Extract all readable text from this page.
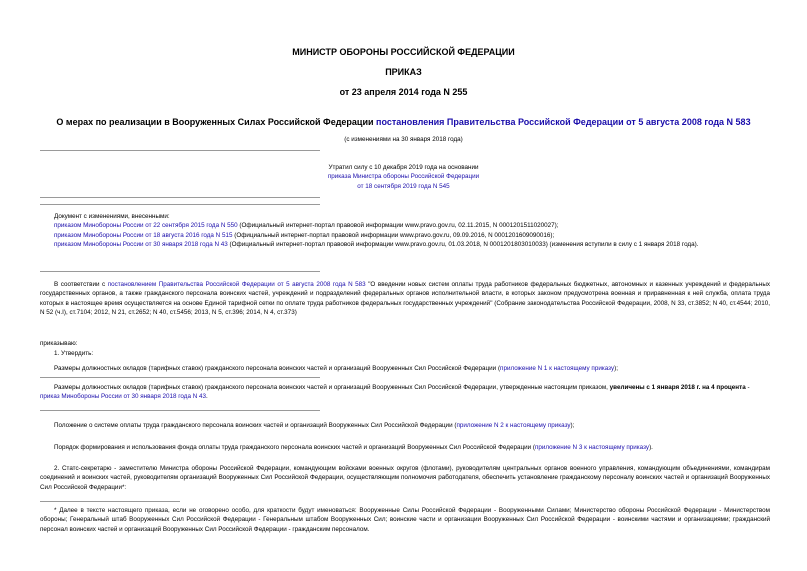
МИНИСТР ОБОРОНЫ РОССИЙСКОЙ ФЕДЕРАЦИИ
ПРИКАЗ
от 23 апреля 2014 года N 255
О мерах по реализации в Вооруженных Силах Российской Федерации постановления Правительства Российской Федерации от 5 августа 2008 года N 583
(с изменениями на 30 января 2018 года)
Утратил силу с 10 декабря 2019 года на основании
приказа Министра обороны Российской Федерации
от 18 сентября 2019 года N 545
Документ с изменениями, внесенными:
приказом Минобороны России от 22 сентября 2015 года N 550 (Официальный интернет-портал правовой информации www.pravo.gov.ru, 02.11.2015, N 0001201511020027);
приказом Минобороны России от 18 августа 2016 года N 515 (Официальный интернет-портал правовой информации www.pravo.gov.ru, 09.09.2016, N 0001201609090016);
приказом Минобороны России от 30 января 2018 года N 43 (Официальный интернет-портал правовой информации www.pravo.gov.ru, 01.03.2018, N 0001201803010033) (изменения вступили в силу с 1 января 2018 года).
В соответствии с постановлением Правительства Российской Федерации от 5 августа 2008 года N 583 "О введении новых систем оплаты труда работников федеральных бюджетных, автономных и казенных учреждений и федеральных государственных органов, а также гражданского персонала воинских частей, учреждений и подразделений федеральных органов исполнительной власти, в которых законом предусмотрена военная и приравненная к ней служба, оплата труда которых в настоящее время осуществляется на основе Единой тарифной сетки по оплате труда работников федеральных государственных учреждений" (Собрание законодательства Российской Федерации, 2008, N 33, ст.3852; N 40, ст.4544; 2010, N 52 (ч.I), ст.7104; 2012, N 21, ст.2652; N 40, ст.5456; 2013, N 5, ст.396; 2014, N 4, ст.373)
приказываю:
1. Утвердить:
Размеры должностных окладов (тарифных ставок) гражданского персонала воинских частей и организаций Вооруженных Сил Российской Федерации (приложение N 1 к настоящему приказу);
Размеры должностных окладов (тарифных ставок) гражданского персонала воинских частей и организаций Вооруженных Сил Российской Федерации, утвержденные настоящим приказом, увеличены с 1 января 2018 г. на 4 процента - приказ Минобороны России от 30 января 2018 года N 43.
Положение о системе оплаты труда гражданского персонала воинских частей и организаций Вооруженных Сил Российской Федерации (приложение N 2 к настоящему приказу);
Порядок формирования и использования фонда оплаты труда гражданского персонала воинских частей и организаций Вооруженных Сил Российской Федерации (приложение N 3 к настоящему приказу).
2. Статс-секретарю - заместителю Министра обороны Российской Федерации, командующим войсками военных округов (флотами), руководителям центральных органов военного управления, командующим объединениями, командирам соединений и воинских частей, руководителям организаций Вооруженных Сил Российской Федерации, осуществляющим полномочия работодателя, обеспечить установление гражданскому персоналу воинских частей и организаций Вооруженных Сил Российской Федерации*:
* Далее в тексте настоящего приказа, если не оговорено особо, для краткости будут именоваться: Вооруженные Силы Российской Федерации - Вооруженными Силами; Министерство обороны Российской Федерации - Министерством обороны; Генеральный штаб Вооруженных Сил Российской Федерации - Генеральным штабом Вооруженных Сил; воинские части и организации Вооруженных Сил Российской Федерации - воинскими частями и организациями; гражданский персонал воинских частей и организаций Вооруженных Сил Российской Федерации - гражданским персоналом.
